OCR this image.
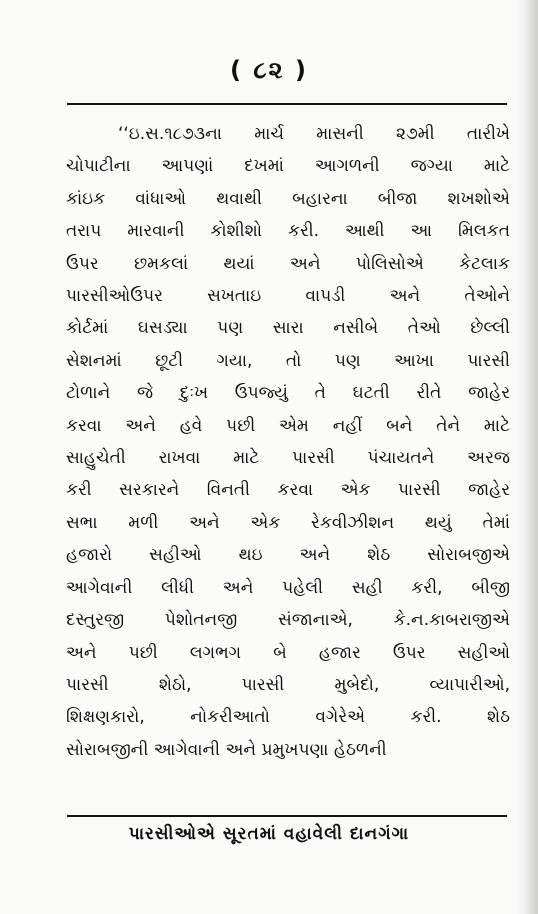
( ૮૨ )
‘‘ઇ.સ.૧૮૭૩ના માર્ચ માસની ૨૭મી તારીખે
ચોપાટીના આપણાં દખમાં આગળની જગ્યા માટે
કાંઇક વાંધાઓ થવાથી બહારના બીજા શખશોએ
તરાપ મારવાની કોશીશો કરી. આથી આ મિલકત
ઉપર છમકલાં થયાં અને પોલિસોએ કેટલાક
પારસીઓઉપર સખતાઇ વાપડી અને તેઓને
કોર્ટમાં ઘસડ્યા પણ સારા નસીબે તેઓ છેલ્લી
સેશનમાં છૂટી ગયા, તો પણ આખા પારસી
ટોળાને જે દુઃખ ઉપજ્યું તે ઘટતી રીતે જાહેર
કરવા અને હવે પછી એમ નહીં બને તેને માટે
સાહુચેતી રાખવા માટે પારસી પંચાયતને અરજ
કરી સરકારને વિનતી કરવા એક પારસી જાહેર
સભા મળી અને એક રેકવીઝીશન થયું તેમાં
હજારો સહીઓ થઇ અને શેઠ સોરાબજીએ
આગેવાની લીધી અને પહેલી સહી કરી, બીજી
દસ્તુરજી પેશોતનજી સંજાનાએ, કે.ન.કાબરાજીએ
અને પછી લગભગ બે હજાર ઉપર સહીઓ
પારસી શેઠો, પારસી મુબેદો, વ્યાપારીઓ,
શિક્ષણકારો, નોકરીઆતો વગેરેએ કરી. શેઠ
સોરાબજીની આગેવાની અને પ્રમુખપણા હેઠળની
પારસીઓએ સૂરતમાં વહાવેલી દાનગંગા
